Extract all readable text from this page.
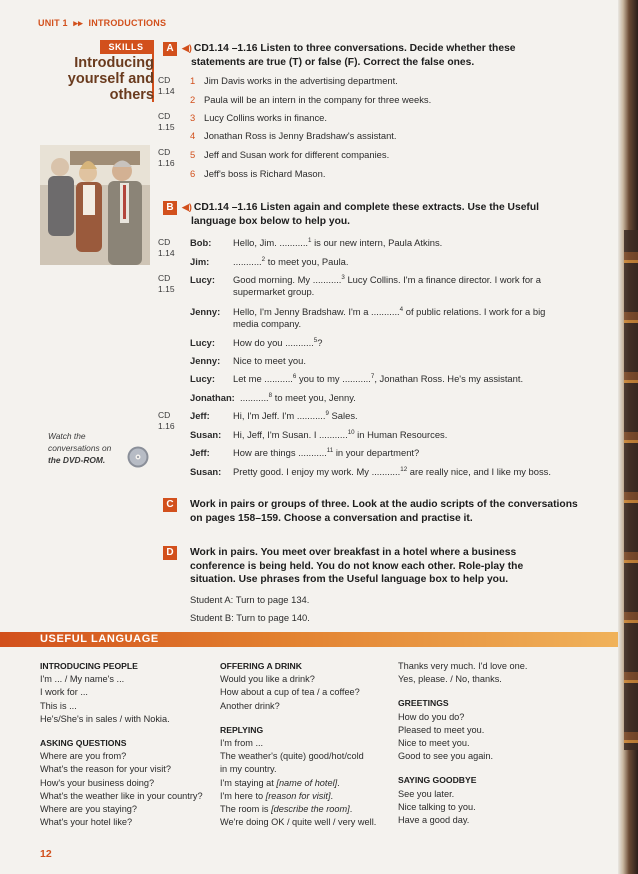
UNIT 1 ▸▸ INTRODUCTIONS
SKILLS
Introducing
yourself and
others
Watch the
conversations on
the DVD-ROM.
A ◀) CD1.14 –1.16 Listen to three conversations. Decide whether these
statements are true (T) or false (F). Correct the false ones.
CD
1.14
CD
1.15
CD
1.16
1 Jim Davis works in the advertising department.
2 Paula will be an intern in the company for three weeks.
3 Lucy Collins works in finance.
4 Jonathan Ross is Jenny Bradshaw's assistant.
5 Jeff and Susan work for different companies.
6 Jeff's boss is Richard Mason.
B ◀) CD1.14 –1.16 Listen again and complete these extracts. Use the Useful
language box below to help you.
CD
1.14
CD
1.15
CD
1.16
Bob: Hello, Jim. ...........$^1$ is our new intern, Paula Atkins.
Jim:	...........$^2$ to meet you, Paula.
Lucy: Good morning. My ...........$^3$ Lucy Collins. I'm a finance director. I work for a
supermarket group.
Jenny: Hello, I'm Jenny Bradshaw. I'm a ...........$^4$ of public relations. I work for a big
media company.
Lucy: How do you ...........$^5$?
Jenny: Nice to meet you.
Lucy: Let me ...........$^6$ you to my ...........$^7$, Jonathan Ross. He's my assistant.
Jonathan: ...........$^8$ to meet you, Jenny.
Jeff: Hi, I'm Jeff. I'm ...........$^9$ Sales.
Susan: Hi, Jeff, I'm Susan. I ...........$^{10}$ in Human Resources.
Jeff: How are things ...........$^{11}$ in your department?
Susan: Pretty good. I enjoy my work. My ...........$^{12}$ are really nice, and I like my boss.
C	Work in pairs or groups of three. Look at the audio scripts of the conversations
on pages 158–159. Choose a conversation and practise it.
D	Work in pairs. You meet over breakfast in a hotel where a business
conference is being held. You do not know each other. Role-play the
situation. Use phrases from the Useful language box to help you.
Student A: Turn to page 134.
Student B: Turn to page 140.
USEFUL LANGUAGE
INTRODUCING PEOPLE
I'm ... / My name's ...
I work for ...
This is ...
He's/She's in sales / with Nokia.
ASKING QUESTIONS
Where are you from?
What's the reason for your visit?
How's your business doing?
What's the weather like in your country?
Where are you staying?
What's your hotel like?
OFFERING A DRINK
Would you like a drink?
How about a cup of tea / a coffee?
Another drink?
REPLYING
I'm from ...
The weather's (quite) good/hot/cold
in my country.
I'm staying at [name of hotel].
I'm here to [reason for visit].
The room is [describe the room].
We're doing OK / quite well / very well.
Thanks very much. I'd love one.
Yes, please. / No, thanks.
GREETINGS
How do you do?
Pleased to meet you.
Nice to meet you.
Good to see you again.
SAYING GOODBYE
See you later.
Nice talking to you.
Have a good day.
12
